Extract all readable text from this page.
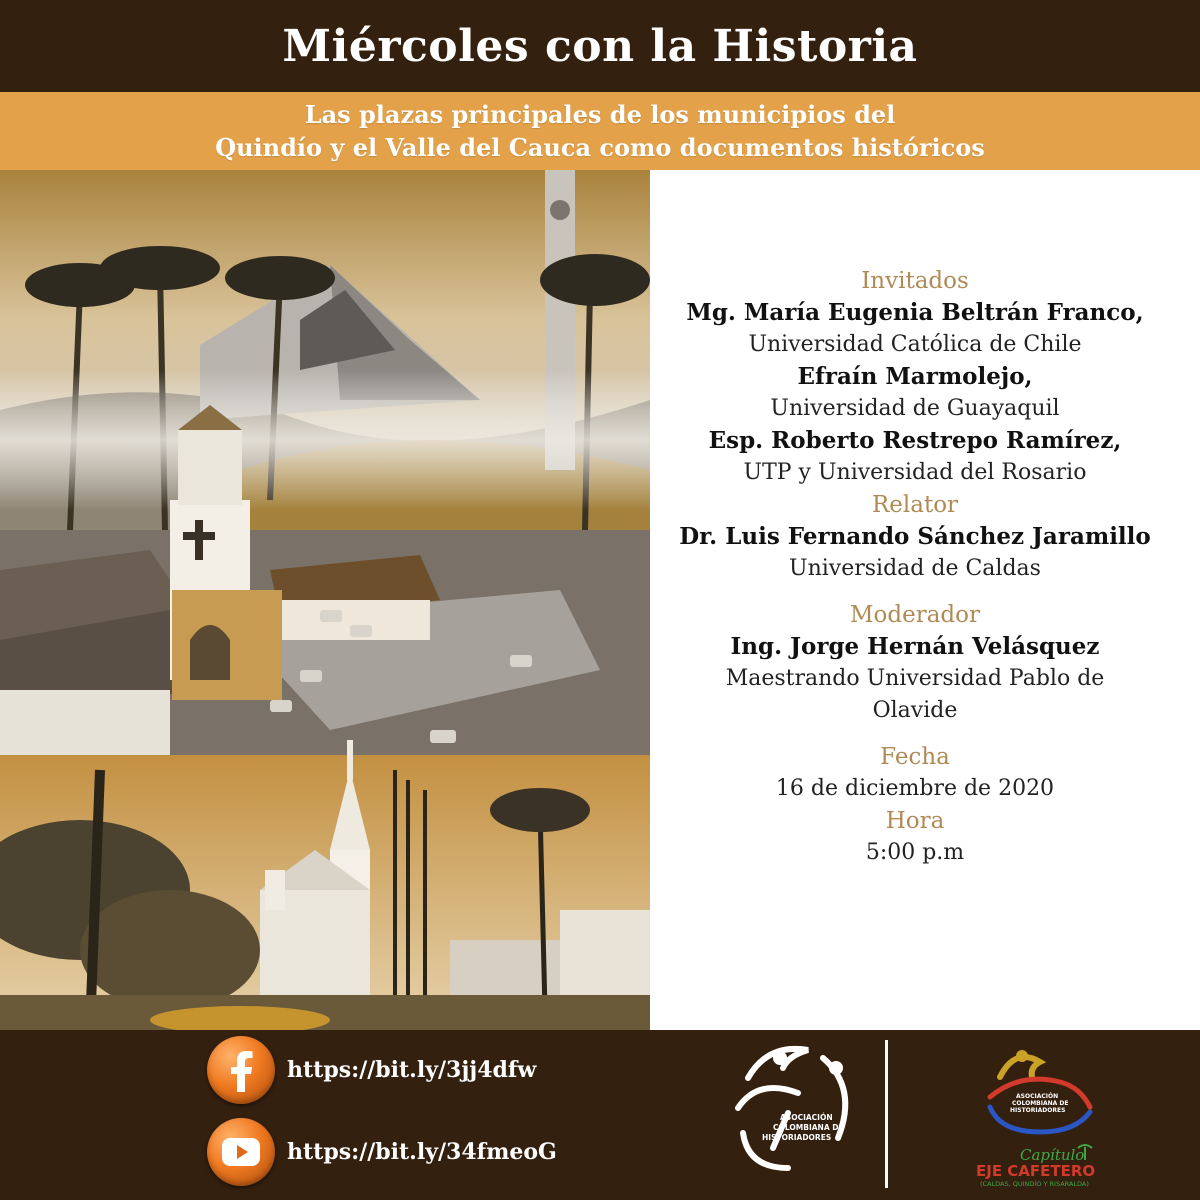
Miércoles con la Historia
Las plazas principales de los municipios del
Quindío y el Valle del Cauca como documentos históricos
Invitados
Mg. María Eugenia Beltrán Franco,
Universidad Católica de Chile
Efraín Marmolejo,
Universidad de Guayaquil
Esp. Roberto Restrepo Ramírez,
UTP y Universidad del Rosario
Relator
Dr. Luis Fernando Sánchez Jaramillo
Universidad de Caldas
Moderador
Ing. Jorge Hernán Velásquez
Maestrando Universidad Pablo de
Olavide
Fecha
16 de diciembre de 2020
Hora
5:00 p.m
https://bit.ly/3jj4dfw
https://bit.ly/34fmeoG
ASOCIACIÓN
COLOMBIANA DE
HISTORIADORES
ASOCIACIÓN
COLOMBIANA DE
HISTORIADORES
Capítulo
EJE CAFETERO
(CALDAS, QUINDÍO Y RISARALDA)
